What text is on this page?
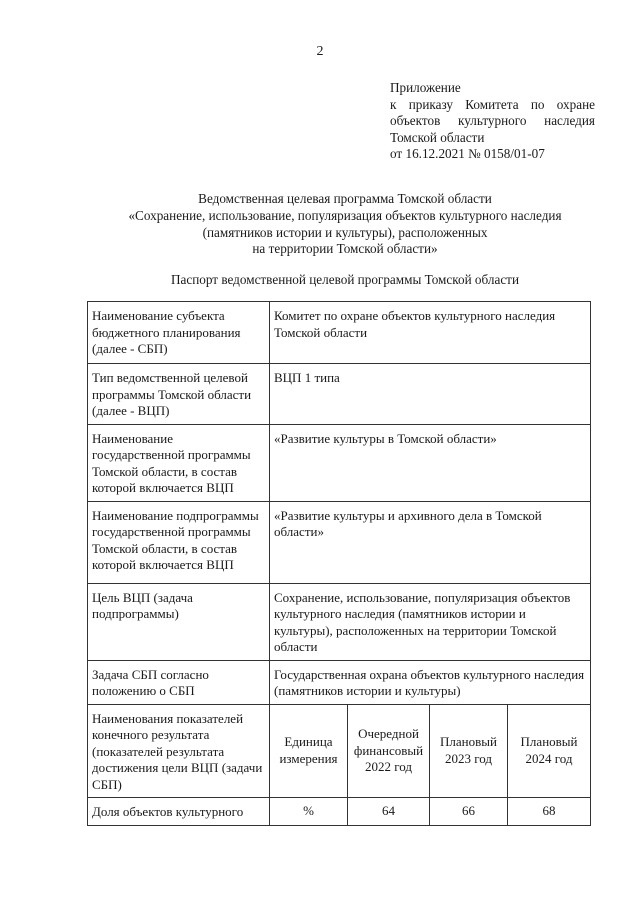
2
Приложение
к приказу Комитета по охране
объектов культурного наследия
Томской области
от 16.12.2021 № 0158/01-07
Ведомственная целевая программа Томской области
«Сохранение, использование, популяризация объектов культурного наследия
(памятников истории и культуры), расположенных
на территории Томской области»
Паспорт ведомственной целевой программы Томской области
Наименование субъекта бюджетного планирования (далее - СБП)	Комитет по охране объектов культурного наследия Томской области			
Тип ведомственной целевой программы Томской области (далее - ВЦП)	ВЦП 1 типа			
Наименование государственной программы Томской области, в состав которой включается ВЦП	«Развитие культуры в Томской области»			
Наименование подпрограммы государственной программы Томской области, в состав которой включается ВЦП	«Развитие культуры и архивного дела в Томской области»			
Цель ВЦП (задача подпрограммы)	Сохранение, использование, популяризация объектов культурного наследия (памятников истории и культуры), расположенных на территории Томской области			
Задача СБП согласно положению о СБП	Государственная охрана объектов культурного наследия (памятников истории и культуры)			
Наименования показателей конечного результата (показателей результата достижения цели ВЦП (задачи СБП)	Единица измерения	Очередной финансовый 2022 год	Плановый 2023 год	Плановый 2024 год
Доля объектов культурного	%	64	66	68
